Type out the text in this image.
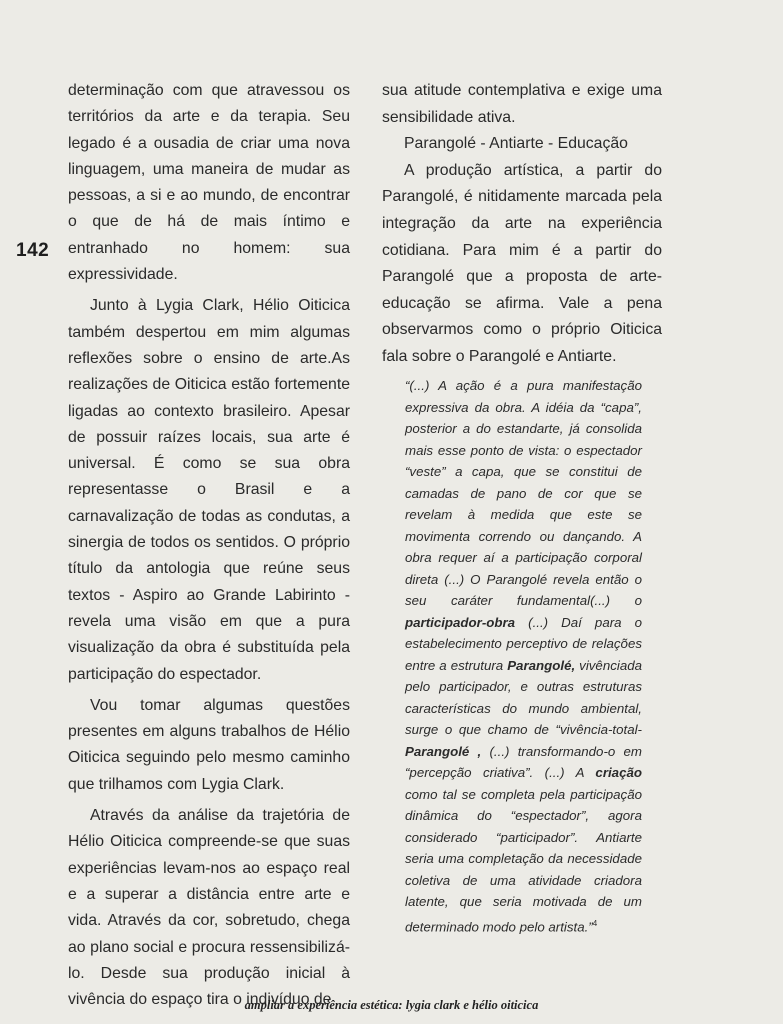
142

determinação com que atravessou os territórios da arte e da terapia. Seu legado é a ousadia de criar uma nova linguagem, uma maneira de mudar as pessoas, a si e ao mundo, de encontrar o que de há de mais íntimo e entranhado no homem: sua expressividade.

Junto à Lygia Clark, Hélio Oiticica também despertou em mim algumas reflexões sobre o ensino de arte.As realizações de Oiticica estão fortemente ligadas ao contexto brasileiro. Apesar de possuir raízes locais, sua arte é universal. É como se sua obra representasse o Brasil e a carnavalização de todas as condutas, a sinergia de todos os sentidos. O próprio título da antologia que reúne seus textos - Aspiro ao Grande Labirinto - revela uma visão em que a pura visualização da obra é substituída pela participação do espectador.

Vou tomar algumas questões presentes em alguns trabalhos de Hélio Oiticica seguindo pelo mesmo caminho que trilhamos com Lygia Clark.

Através da análise da trajetória de Hélio Oiticica compreende-se que suas experiências levam-nos ao espaço real e a superar a distância entre arte e vida. Através da cor, sobretudo, chega ao plano social e procura ressensibilizá-lo. Desde sua produção inicial à vivência do espaço tira o indivíduo de

sua atitude contemplativa e exige uma sensibilidade ativa.

Parangolé - Antiarte - Educação

A produção artística, a partir do Parangolé, é nitidamente marcada pela integração da arte na experiência cotidiana. Para mim é a partir do Parangolé que a proposta de arte-educação se afirma. Vale a pena observarmos como o próprio Oiticica fala sobre o Parangolé e Antiarte.

“(...) A ação é a pura manifestação expressiva da obra. A idéia da “capa”, posterior a do estandarte, já consolida mais esse ponto de vista: o espectador “veste” a capa, que se constitui de camadas de pano de cor que se revelam à medida que este se movimenta correndo ou dançando. A obra requer aí a participação corporal direta (...) O Parangolé revela então o seu caráter fundamental(...) o participador-obra (...) Daí para o estabelecimento perceptivo de relações entre a estrutura Parangolé, vivênciada pelo participador, e outras estruturas características do mundo ambiental, surge o que chamo de “vivência-total-Parangolé , (...) transformando-o em “percepção criativa”. (...) A criação como tal se completa pela participação dinâmica do “espectador”, agora considerado “participador”. Antiarte seria uma completação da necessidade coletiva de uma atividade criadora latente, que seria motivada de um determinado modo pelo artista.”$^4$
ampliar a experiência estética: lygia clark e hélio oiticica
